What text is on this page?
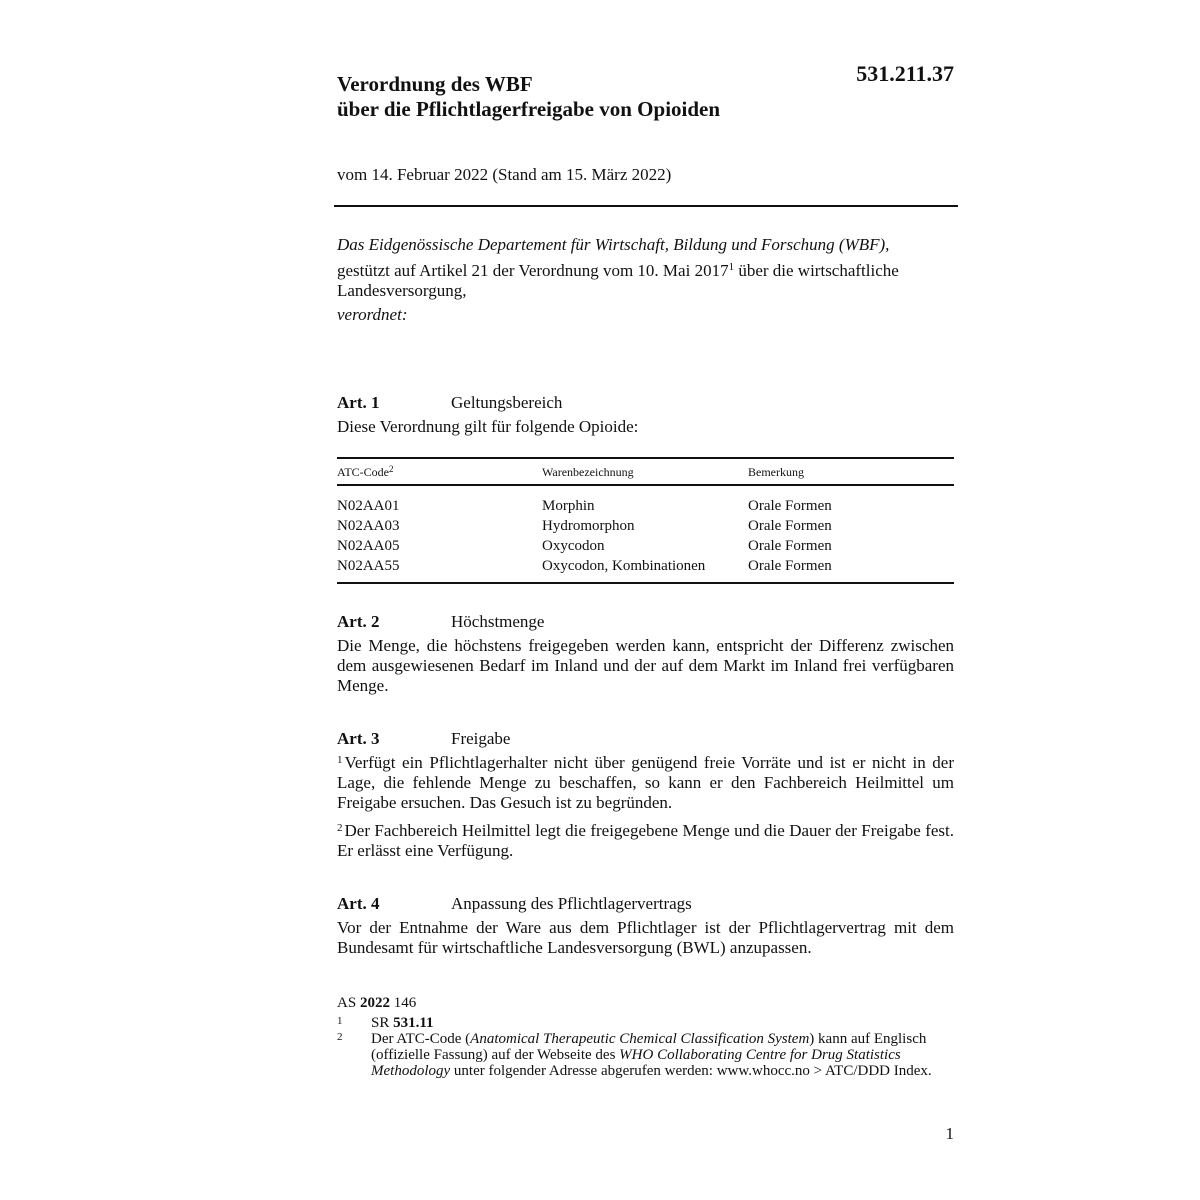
531.211.37
Verordnung des WBF
über die Pflichtlagerfreigabe von Opioiden
vom 14. Februar 2022 (Stand am 15. März 2022)

Das Eidgenössische Departement für Wirtschaft, Bildung und Forschung (WBF),

gestützt auf Artikel 21 der Verordnung vom 10. Mai 2017$^1$ über die wirtschaftliche Landesversorgung,

verordnet:

Art. 1	Geltungsbereich

Diese Verordnung gilt für folgende Opioide:

ATC-Code$^2$	Warenbezeichnung	Bemerkung
N02AA01	Morphin	Orale Formen
N02AA03	Hydromorphon	Orale Formen
N02AA05	Oxycodon	Orale Formen
N02AA55	Oxycodon, Kombinationen	Orale Formen
Art. 2	Höchstmenge

Die Menge, die höchstens freigegeben werden kann, entspricht der Differenz zwischen dem ausgewiesenen Bedarf im Inland und der auf dem Markt im Inland frei verfügbaren Menge.

Art. 3	Freigabe

$^1$ Verfügt ein Pflichtlagerhalter nicht über genügend freie Vorräte und ist er nicht in der Lage, die fehlende Menge zu beschaffen, so kann er den Fachbereich Heilmittel um Freigabe ersuchen. Das Gesuch ist zu begründen.

$^2$ Der Fachbereich Heilmittel legt die freigegebene Menge und die Dauer der Freigabe fest. Er erlässt eine Verfügung.

Art. 4	Anpassung des Pflichtlagervertrags

Vor der Entnahme der Ware aus dem Pflichtlager ist der Pflichtlagervertrag mit dem Bundesamt für wirtschaftliche Landesversorgung (BWL) anzupassen.

AS 2022 146
1 SR 531.11
2 Der ATC-Code (Anatomical Therapeutic Chemical Classification System) kann auf Englisch (offizielle Fassung) auf der Webseite des WHO Collaborating Centre for Drug Statistics Methodology unter folgender Adresse abgerufen werden: www.whocc.no > ATC/DDD Index.
1
